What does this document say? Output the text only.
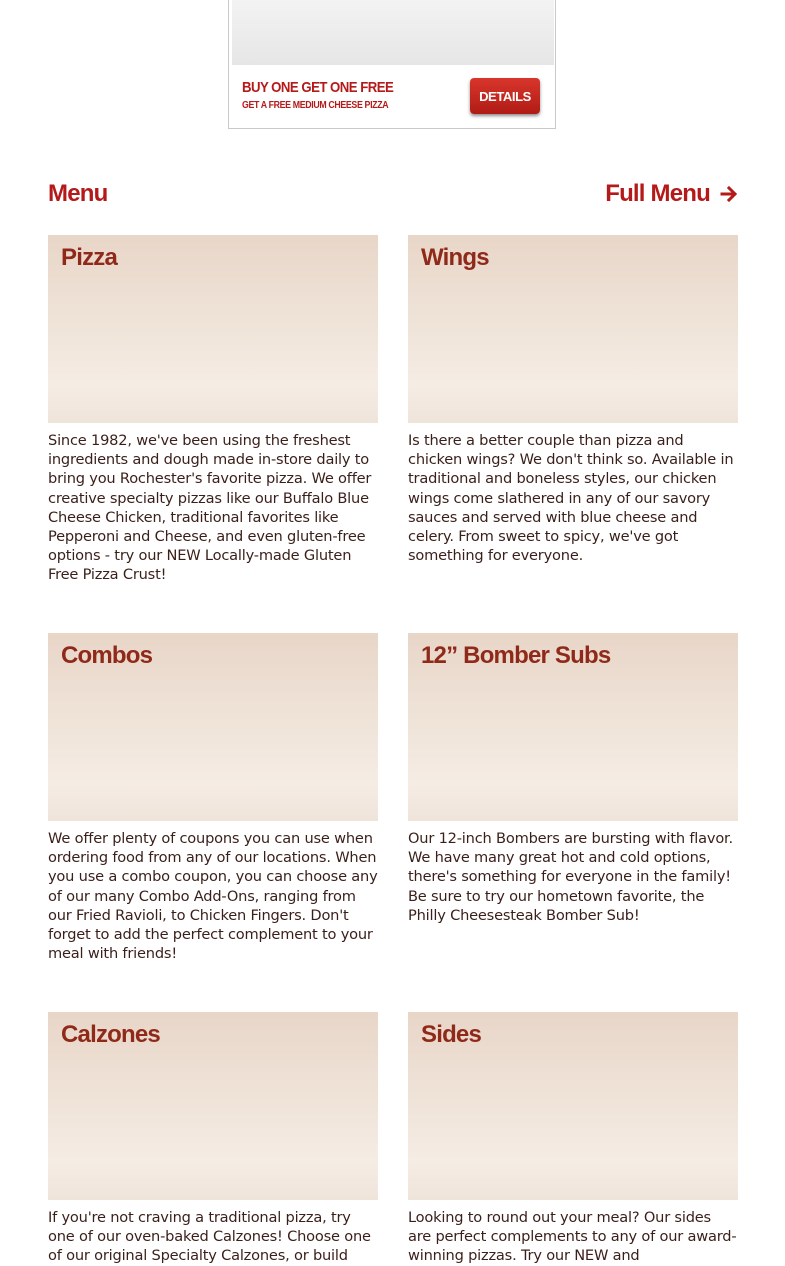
BUY ONE GET ONE FREE
GET A FREE MEDIUM CHEESE PIZZA
DETAILS
Menu	Full Menu
Pizza

Since 1982, we've been using the freshest ingredients and dough made in-store daily to bring you Rochester's favorite pizza. We offer creative specialty pizzas like our Buffalo Blue Cheese Chicken, traditional favorites like Pepperoni and Cheese, and even gluten-free options - try our NEW Locally-made Gluten Free Pizza Crust!

Wings

Is there a better couple than pizza and chicken wings? We don't think so. Available in traditional and boneless styles, our chicken wings come slathered in any of our savory sauces and served with blue cheese and celery. From sweet to spicy, we've got something for everyone.

Combos

We offer plenty of coupons you can use when ordering food from any of our locations. When you use a combo coupon, you can choose any of our many Combo Add-Ons, ranging from our Fried Ravioli, to Chicken Fingers. Don't forget to add the perfect complement to your meal with friends!

12” Bomber Subs

Our 12-inch Bombers are bursting with flavor. We have many great hot and cold options, there's something for everyone in the family! Be sure to try our hometown favorite, the Philly Cheesesteak Bomber Sub!

Calzones

If you're not craving a traditional pizza, try one of our oven-baked Calzones! Choose one of our original Specialty Calzones, or build

Sides

Looking to round out your meal? Our sides are perfect complements to any of our award-winning pizzas. Try our NEW and
